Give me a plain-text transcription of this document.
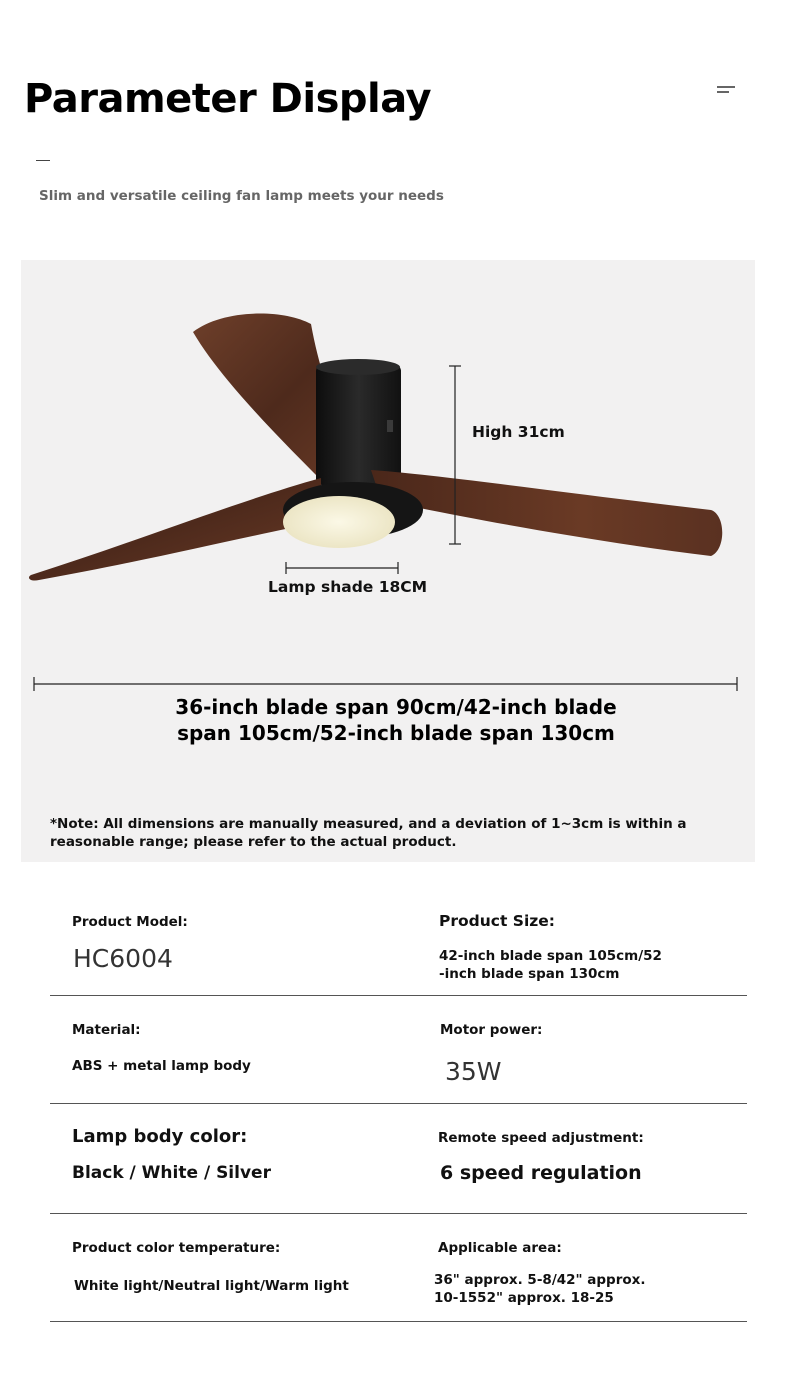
Parameter Display
Slim and versatile ceiling fan lamp meets your needs
High 31cm
Lamp shade 18CM
36-inch blade span 90cm/42-inch blade
span 105cm/52-inch blade span 130cm
*Note: All dimensions are manually measured, and a deviation of 1~3cm is within a reasonable range; please refer to the actual product.
Product Model:
HC6004
Product Size:
42-inch blade span 105cm/52
-inch blade span 130cm
Material:
ABS + metal lamp body
Motor power:
35W
Lamp body color:
Black / White / Silver
Remote speed adjustment:
6 speed regulation
Product color temperature:
White light/Neutral light/Warm light
Applicable area:
36" approx. 5-8/42" approx.
10-1552" approx. 18-25
